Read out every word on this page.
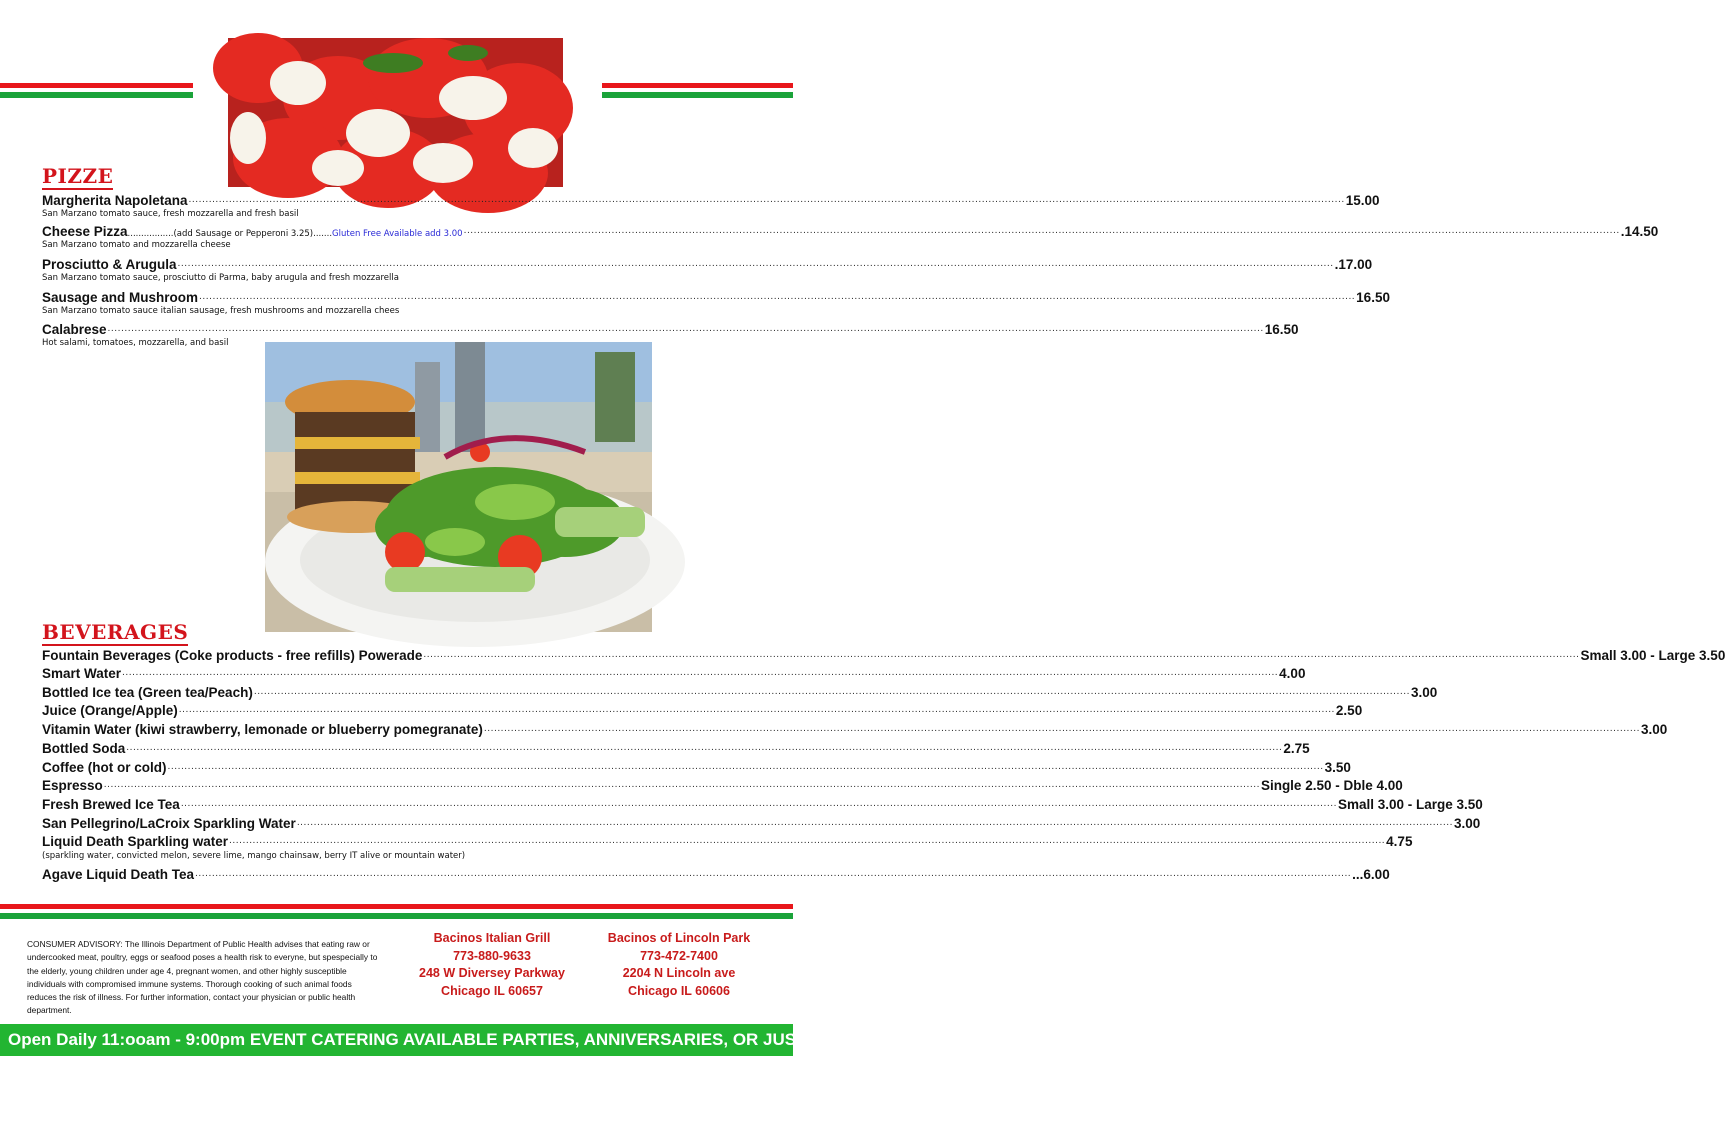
PIZZE
Margherita Napoletana .....	15.00
San Marzano tomato sauce, fresh mozzarella and fresh basil
Cheese Pizza .................(add Sausage or Pepperoni 3.25)....... Gluten Free Available add 3.00 .....	.14.50
San Marzano tomato and mozzarella cheese
Prosciutto & Arugula .....	.17.00
San Marzano tomato sauce, prosciutto di Parma, baby arugula and fresh mozzarella
Sausage and Mushroom .....	16.50
San Marzano tomato sauce italian sausage, fresh mushrooms and mozzarella chees
Calabrese .....	16.50
Hot salami, tomatoes, mozzarella, and basil
BEVERAGES
Fountain Beverages (Coke products - free refills) Powerade .....	Small 3.00 - Large 3.50
Smart Water .....	4.00
Bottled Ice tea (Green tea/Peach) .....	3.00
Juice (Orange/Apple) .....	2.50
Vitamin Water (kiwi strawberry, lemonade or blueberry pomegranate) .....	3.00
Bottled Soda .....	2.75
Coffee (hot or cold) .....	3.50
Espresso .....	Single 2.50 - Dble 4.00
Fresh Brewed Ice Tea .....	Small 3.00 - Large 3.50
San Pellegrino/LaCroix Sparkling Water .....	3.00
Liquid Death Sparkling water .....	4.75
(sparkling water, convicted melon, severe lime, mango chainsaw, berry IT alive or mountain water)
Agave Liquid Death Tea .....	...6.00
CONSUMER ADVISORY: The Illinois Department of Public Health advises that eating raw or undercooked meat, poultry, eggs or seafood poses a health risk to everyne, but spespecially to the elderly, young children under age 4, pregnant women, and other highly susceptible individuals with compromised immune systems. Thorough cooking of such animal foods reduces the risk of illness. For further information, contact your physician or public health department.
Bacinos Italian Grill
773-880-9633
248 W Diversey Parkway
Chicago IL 60657
Bacinos of Lincoln Park
773-472-7400
2204 N Lincoln ave
Chicago IL 60606
Open Daily 11:ooam - 9:00pm EVENT CATERING AVAILABLE PARTIES, ANNIVERSARIES, OR JUST BECAUSE
